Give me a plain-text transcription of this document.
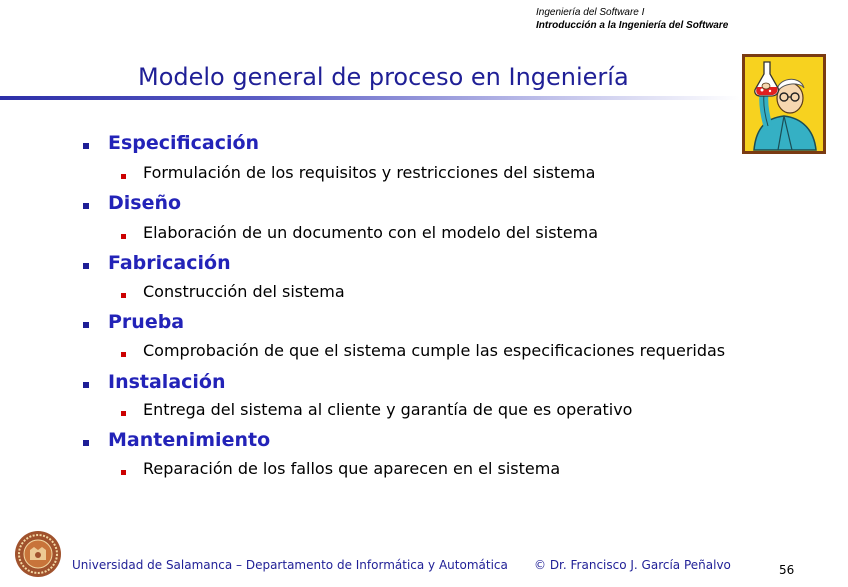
Ingeniería del Software I
Introducción a la Ingeniería del Software
Modelo general de proceso en Ingeniería
Especificación
Formulación de los requisitos y restricciones del sistema
Diseño
Elaboración de un documento con el modelo del sistema
Fabricación
Construcción del sistema
Prueba
Comprobación de que el sistema cumple las especificaciones requeridas
Instalación
Entrega del sistema al cliente y garantía de que es operativo
Mantenimiento
Reparación de los fallos que aparecen en el sistema
Universidad de Salamanca – Departamento de Informática y Automática © Dr. Francisco J. García Peñalvo	56
